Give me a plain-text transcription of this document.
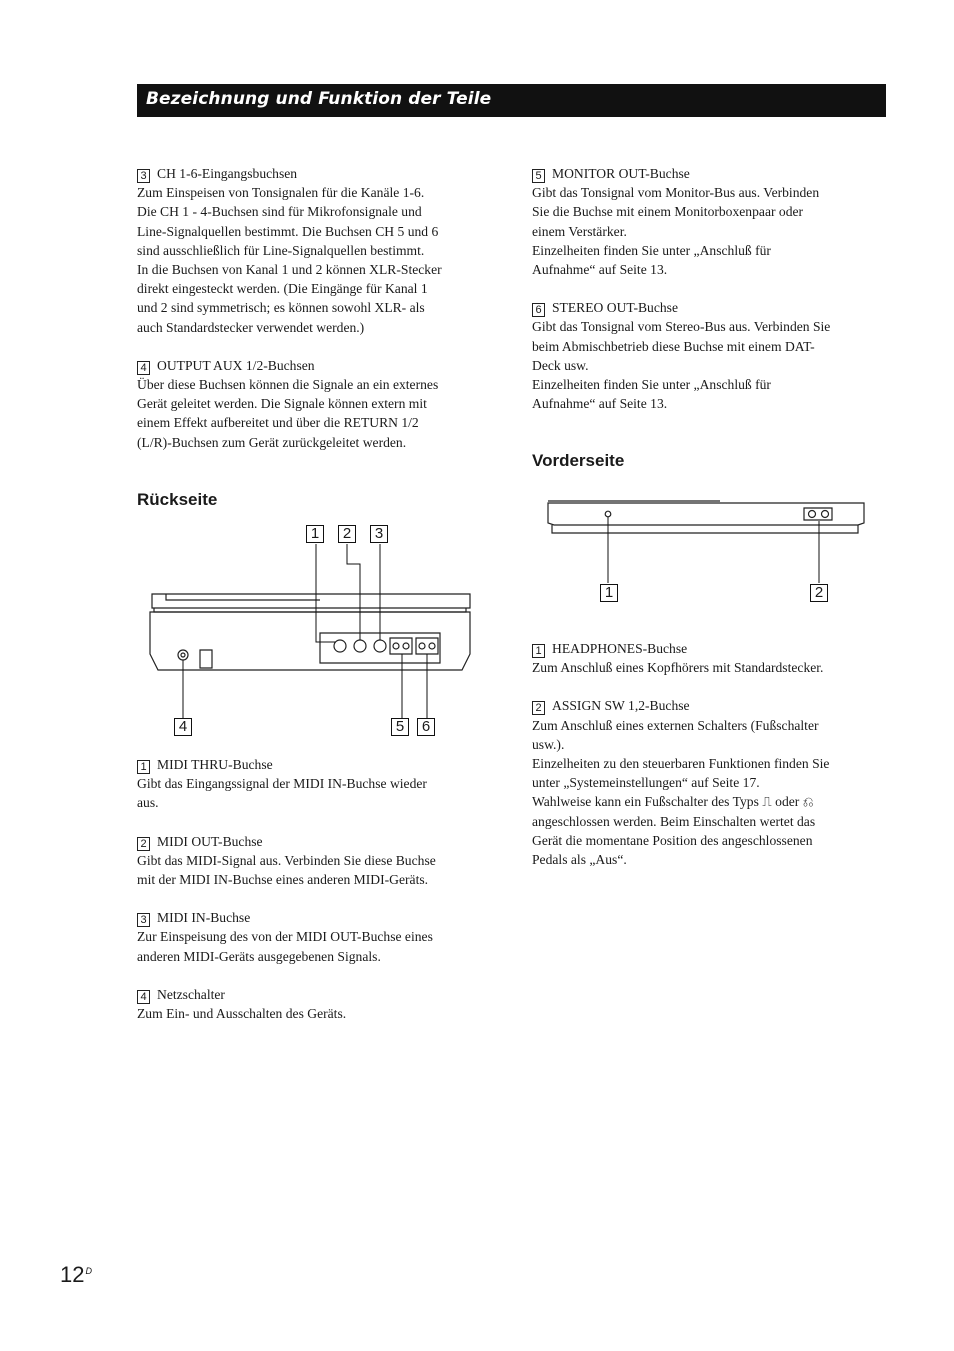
Bezeichnung und Funktion der Teile
3 CH 1-6-Eingangsbuchsen
Zum Einspeisen von Tonsignalen für die Kanäle 1-6.
Die CH 1 - 4-Buchsen sind für Mikrofonsignale und
Line-Signalquellen bestimmt. Die Buchsen CH 5 und 6
sind ausschließlich für Line-Signalquellen bestimmt.
In die Buchsen von Kanal 1 und 2 können XLR-Stecker
direkt eingesteckt werden. (Die Eingänge für Kanal 1
und 2 sind symmetrisch; es können sowohl XLR- als
auch Standardstecker verwendet werden.)
4 OUTPUT AUX 1/2-Buchsen
Über diese Buchsen können die Signale an ein externes
Gerät geleitet werden. Die Signale können extern mit
einem Effekt aufbereitet und über die RETURN 1/2
(L/R)-Buchsen zum Gerät zurückgeleitet werden.
5 MONITOR OUT-Buchse
Gibt das Tonsignal vom Monitor-Bus aus. Verbinden
Sie die Buchse mit einem Monitorboxenpaar oder
einem Verstärker.
Einzelheiten finden Sie unter „Anschluß für
Aufnahme“ auf Seite 13.
6 STEREO OUT-Buchse
Gibt das Tonsignal vom Stereo-Bus aus. Verbinden Sie
beim Abmischbetrieb diese Buchse mit einem DAT-
Deck usw.
Einzelheiten finden Sie unter „Anschluß für
Aufnahme“ auf Seite 13.
Rückseite
Vorderseite
1	2	3
4	5	6
1	2
1 MIDI THRU-Buchse
Gibt das Eingangssignal der MIDI IN-Buchse wieder
aus.
2 MIDI OUT-Buchse
Gibt das MIDI-Signal aus. Verbinden Sie diese Buchse
mit der MIDI IN-Buchse eines anderen MIDI-Geräts.
3 MIDI IN-Buchse
Zur Einspeisung des von der MIDI OUT-Buchse eines
anderen MIDI-Geräts ausgegebenen Signals.
4 Netzschalter
Zum Ein- und Ausschalten des Geräts.
1 HEADPHONES-Buchse
Zum Anschluß eines Kopfhörers mit Standardstecker.
2 ASSIGN SW 1,2-Buchse
Zum Anschluß eines externen Schalters (Fußschalter
usw.).
Einzelheiten zu den steuerbaren Funktionen finden Sie
unter „Systemeinstellungen“ auf Seite 17.
Wahlweise kann ein Fußschalter des Typs ⎍ oder ⎌
angeschlossen werden. Beim Einschalten wertet das
Gerät die momentane Position des angeschlossenen
Pedals als „Aus“.
$12^D$
